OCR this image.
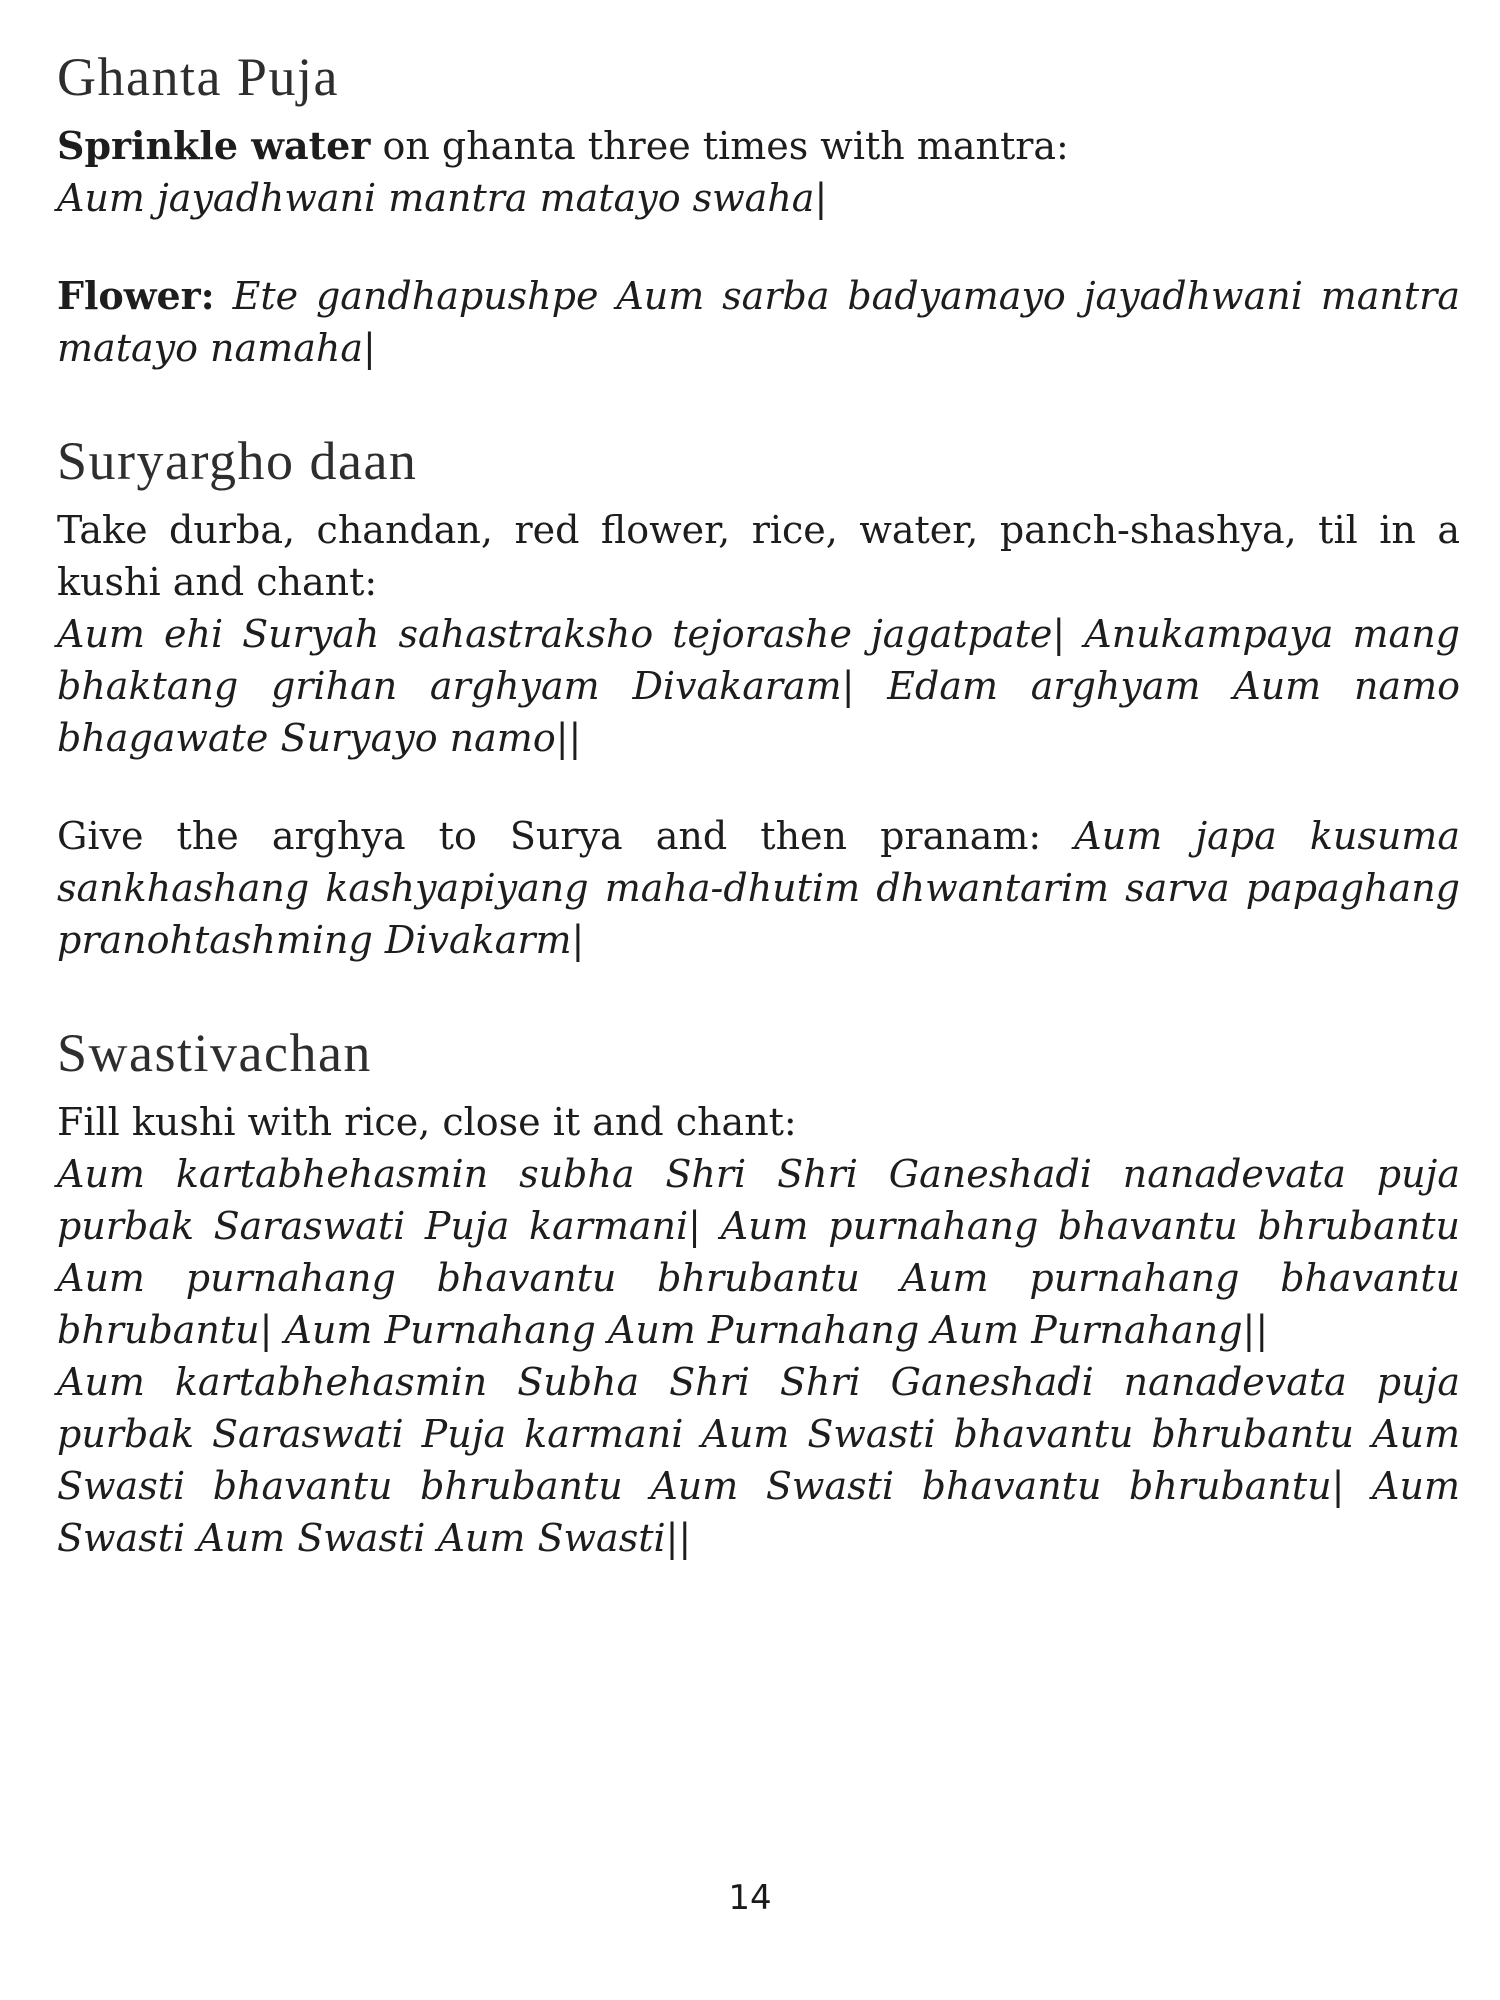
Ghanta Puja

Sprinkle water on ghanta three times with mantra:

Aum jayadhwani mantra matayo swaha|

Flower: Ete gandhapushpe Aum sarba badyamayo jayadhwani mantra matayo namaha|

Suryargho daan

Take durba, chandan, red flower, rice, water, panch-shashya, til in a kushi and chant:

Aum ehi Suryah sahastraksho tejorashe jagatpate| Anukampaya mang bhaktang grihan arghyam Divakaram| Edam arghyam Aum namo bhagawate Suryayo namo||

Give the arghya to Surya and then pranam: Aum japa kusuma sankhashang kashyapiyang maha-dhutim dhwantarim sarva papaghang pranohtashming Divakarm|

Swastivachan

Fill kushi with rice, close it and chant:

Aum kartabhehasmin subha Shri Shri Ganeshadi nanadevata puja purbak Saraswati Puja karmani| Aum purnahang bhavantu bhrubantu Aum purnahang bhavantu bhrubantu Aum purnahang bhavantu bhrubantu| Aum Purnahang Aum Purnahang Aum Purnahang||

Aum kartabhehasmin Subha Shri Shri Ganeshadi nanadevata puja purbak Saraswati Puja karmani Aum Swasti bhavantu bhrubantu Aum Swasti bhavantu bhrubantu Aum Swasti bhavantu bhrubantu| Aum Swasti Aum Swasti Aum Swasti||

14
